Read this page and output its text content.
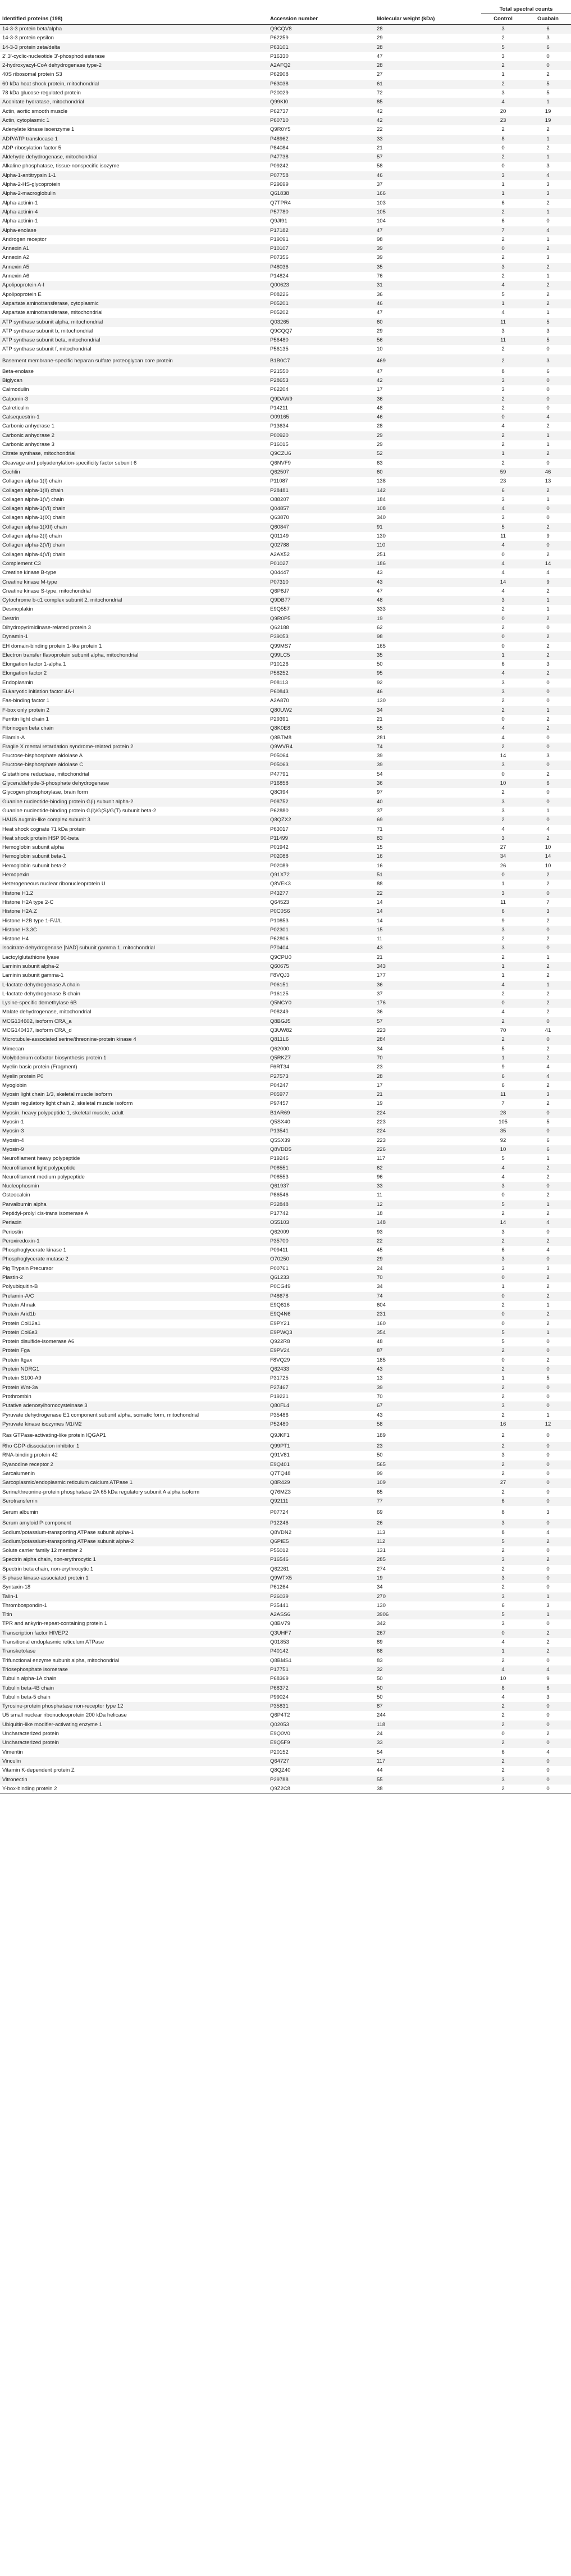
			Total spectral counts	
Identified proteins (198)	Accession number	Molecular weight (kDa)	Control	Ouabain
14-3-3 protein beta/alpha	Q9CQV8	28	3	6
14-3-3 protein epsilon	P62259	29	2	3
14-3-3 protein zeta/delta	P63101	28	5	6
2',3'-cyclic-nucleotide 3'-phosphodiesterase	P16330	47	3	0
2-hydroxyacyl-CoA dehydrogenase type-2	A2AFQ2	28	2	0
40S ribosomal protein S3	P62908	27	1	2
60 kDa heat shock protein, mitochondrial	P63038	61	2	5
78 kDa glucose-regulated protein	P20029	72	3	5
Aconitate hydratase, mitochondrial	Q99KI0	85	4	1
Actin, aortic smooth muscle	P62737	42	20	19
Actin, cytoplasmic 1	P60710	42	23	19
Adenylate kinase isoenzyme 1	Q9R0Y5	22	2	2
ADP/ATP translocase 1	P48962	33	8	1
ADP-ribosylation factor 5	P84084	21	0	2
Aldehyde dehydrogenase, mitochondrial	P47738	57	2	1
Alkaline phosphatase, tissue-nonspecific isozyme	P09242	58	0	3
Alpha-1-antitrypsin 1-1	P07758	46	3	4
Alpha-2-HS-glycoprotein	P29699	37	1	3
Alpha-2-macroglobulin	Q61838	166	1	3
Alpha-actinin-1	Q7TPR4	103	6	2
Alpha-actinin-4	P57780	105	2	1
Alpha-actinin-1	Q9JI91	104	6	0
Alpha-enolase	P17182	47	7	4
Androgen receptor	P19091	98	2	1
Annexin A1	P10107	39	0	2
Annexin A2	P07356	39	2	3
Annexin A5	P48036	35	3	2
Annexin A6	P14824	76	2	1
Apolipoprotein A-I	Q00623	31	4	2
Apolipoprotein E	P08226	36	5	2
Aspartate aminotransferase, cytoplasmic	P05201	46	1	2
Aspartate aminotransferase, mitochondrial	P05202	47	4	1
ATP synthase subunit alpha, mitochondrial	Q03265	60	11	5
ATP synthase subunit b, mitochondrial	Q9CQQ7	29	3	3
ATP synthase subunit beta, mitochondrial	P56480	56	11	5
ATP synthase subunit f, mitochondrial	P56135	10	2	0
Basement membrane-specific heparan sulfate proteoglycan core protein	B1B0C7	469	2	3
Beta-enolase	P21550	47	8	6
Biglycan	P28653	42	3	0
Calmodulin	P62204	17	3	0
Calponin-3	Q9DAW9	36	2	0
Calreticulin	P14211	48	2	0
Calsequestrin-1	O09165	46	0	4
Carbonic anhydrase 1	P13634	28	4	2
Carbonic anhydrase 2	P00920	29	2	1
Carbonic anhydrase 3	P16015	29	2	1
Citrate synthase, mitochondrial	Q9CZU6	52	1	2
Cleavage and polyadenylation-specificity factor subunit 6	Q6NVF9	63	2	0
Cochlin	Q62507	60	59	46
Collagen alpha-1(I) chain	P11087	138	23	13
Collagen alpha-1(II) chain	P28481	142	6	2
Collagen alpha-1(V) chain	O88207	184	3	1
Collagen alpha-1(VI) chain	Q04857	108	4	0
Collagen alpha-1(IX) chain	Q63870	340	3	0
Collagen alpha-1(XII) chain	Q60847	91	5	2
Collagen alpha-2(I) chain	Q01149	130	11	9
Collagen alpha-2(VI) chain	Q02788	110	4	0
Collagen alpha-4(VI) chain	A2AX52	251	0	2
Complement C3	P01027	186	4	14
Creatine kinase B-type	Q04447	43	4	4
Creatine kinase M-type	P07310	43	14	9
Creatine kinase S-type, mitochondrial	Q6P8J7	47	4	2
Cytochrome b-c1 complex subunit 2, mitochondrial	Q9DB77	48	3	1
Desmoplakin	E9Q557	333	2	1
Destrin	Q9R0P5	19	0	2
Dihydropyrimidinase-related protein 3	Q62188	62	2	0
Dynamin-1	P39053	98	0	2
EH domain-binding protein 1-like protein 1	Q99MS7	165	0	2
Electron transfer flavoprotein subunit alpha, mitochondrial	Q99LC5	35	1	2
Elongation factor 1-alpha 1	P10126	50	6	3
Elongation factor 2	P58252	95	4	2
Endoplasmin	P08113	92	3	0
Eukaryotic initiation factor 4A-I	P60843	46	3	0
Fas-binding factor 1	A2A870	130	2	0
F-box only protein 2	Q80UW2	34	2	1
Ferritin light chain 1	P29391	21	0	2
Fibrinogen beta chain	Q8K0E8	55	4	2
Filamin-A	Q8BTM8	281	4	0
Fragile X mental retardation syndrome-related protein 2	Q9WVR4	74	2	0
Fructose-bisphosphate aldolase A	P05064	39	14	3
Fructose-bisphosphate aldolase C	P05063	39	3	0
Glutathione reductase, mitochondrial	P47791	54	0	2
Glyceraldehyde-3-phosphate dehydrogenase	P16858	36	10	6
Glycogen phosphorylase, brain form	Q8CI94	97	2	0
Guanine nucleotide-binding protein G(i) subunit alpha-2	P08752	40	3	0
Guanine nucleotide-binding protein G(I)/G(S)/G(T) subunit beta-2	P62880	37	3	1
HAUS augmin-like complex subunit 3	Q8QZX2	69	2	0
Heat shock cognate 71 kDa protein	P63017	71	4	4
Heat shock protein HSP 90-beta	P11499	83	3	2
Hemoglobin subunit alpha	P01942	15	27	10
Hemoglobin subunit beta-1	P02088	16	34	14
Hemoglobin subunit beta-2	P02089	16	26	10
Hemopexin	Q91X72	51	0	2
Heterogeneous nuclear ribonucleoprotein U	Q8VEK3	88	1	2
Histone H1.2	P43277	22	3	0
Histone H2A type 2-C	Q64523	14	11	7
Histone H2A.Z	P0C0S6	14	6	3
Histone H2B type 1-F/J/L	P10853	14	9	2
Histone H3.3C	P02301	15	3	0
Histone H4	P62806	11	2	2
Isocitrate dehydrogenase [NAD] subunit gamma 1, mitochondrial	P70404	43	3	0
Lactoylglutathione lyase	Q9CPU0	21	2	1
Laminin subunit alpha-2	Q60675	343	1	2
Laminin subunit gamma-1	F8VQJ3	177	1	2
L-lactate dehydrogenase A chain	P06151	36	4	1
L-lactate dehydrogenase B chain	P16125	37	2	2
Lysine-specific demethylase 6B	Q5NCY0	176	0	2
Malate dehydrogenase, mitochondrial	P08249	36	4	2
MCG134602, isoform CRA_a	Q8BGJ5	57	2	0
MCG140437, isoform CRA_d	Q3UW82	223	70	41
Microtubule-associated serine/threonine-protein kinase 4	Q811L6	284	2	0
Mimecan	Q62000	34	5	2
Molybdenum cofactor biosynthesis protein 1	Q5RKZ7	70	1	2
Myelin basic protein (Fragment)	F6RT34	23	9	4
Myelin protein P0	P27573	28	6	4
Myoglobin	P04247	17	6	2
Myosin light chain 1/3, skeletal muscle isoform	P05977	21	11	3
Myosin regulatory light chain 2, skeletal muscle isoform	P97457	19	7	2
Myosin, heavy polypeptide 1, skeletal muscle, adult	B1AR69	224	28	0
Myosin-1	Q5SX40	223	105	5
Myosin-3	P13541	224	35	0
Myosin-4	Q5SX39	223	92	6
Myosin-9	Q8VDD5	226	10	6
Neurofilament heavy polypeptide	P19246	117	5	1
Neurofilament light polypeptide	P08551	62	4	2
Neurofilament medium polypeptide	P08553	96	4	2
Nucleophosmin	Q61937	33	3	0
Osteocalcin	P86546	11	0	2
Parvalbumin alpha	P32848	12	5	1
Peptidyl-prolyl cis-trans isomerase A	P17742	18	2	2
Periaxin	O55103	148	14	4
Periostin	Q62009	93	3	0
Peroxiredoxin-1	P35700	22	2	2
Phosphoglycerate kinase 1	P09411	45	6	4
Phosphoglycerate mutase 2	O70250	29	3	0
Pig Trypsin Precursor	P00761	24	3	3
Plastin-2	Q61233	70	0	2
Polyubiquitin-B	P0CG49	34	1	2
Prelamin-A/C	P48678	74	0	2
Protein Ahnak	E9Q616	604	2	1
Protein Arid1b	E9Q4N6	231	0	2
Protein Col12a1	E9PY21	160	0	2
Protein Col6a3	E9PWQ3	354	5	1
Protein disulfide-isomerase A6	Q922R8	48	5	0
Protein Fga	E9PV24	87	2	0
Protein Itgax	F8VQ29	185	0	2
Protein NDRG1	Q62433	43	2	0
Protein S100-A9	P31725	13	1	5
Protein Wnt-3a	P27467	39	2	0
Prothrombin	P19221	70	2	0
Putative adenosylhomocysteinase 3	Q80FL4	67	3	0
Pyruvate dehydrogenase E1 component subunit alpha, somatic form, mitochondrial	P35486	43	2	1
Pyruvate kinase isozymes M1/M2	P52480	58	16	12
Ras GTPase-activating-like protein IQGAP1	Q9JKF1	189	2	0
Rho GDP-dissociation inhibitor 1	Q99PT1	23	2	0
RNA-binding protein 42	Q91V81	50	3	0
Ryanodine receptor 2	E9Q401	565	2	0
Sarcalumenin	Q7TQ48	99	2	0
Sarcoplasmic/endoplasmic reticulum calcium ATPase 1	Q8R429	109	27	0
Serine/threonine-protein phosphatase 2A 65 kDa regulatory subunit A alpha isoform	Q76MZ3	65	2	0
Serotransferrin	Q92111	77	6	0
Serum albumin	P07724	69	8	3
Serum amyloid P-component	P12246	26	3	0
Sodium/potassium-transporting ATPase subunit alpha-1	Q8VDN2	113	8	4
Sodium/potassium-transporting ATPase subunit alpha-2	Q6PIE5	112	5	2
Solute carrier family 12 member 2	P55012	131	2	0
Spectrin alpha chain, non-erythrocytic 1	P16546	285	3	2
Spectrin beta chain, non-erythrocytic 1	Q62261	274	2	0
S-phase kinase-associated protein 1	Q9WTX5	19	3	0
Syntaxin-18	P61264	34	2	0
Talin-1	P26039	270	3	1
Thrombospondin-1	P35441	130	6	3
Titin	A2ASS6	3906	5	1
TPR and ankyrin-repeat-containing protein 1	Q8BV79	342	3	0
Transcription factor HIVEP2	Q3UHF7	267	0	2
Transitional endoplasmic reticulum ATPase	Q01853	89	4	2
Transketolase	P40142	68	1	2
Trifunctional enzyme subunit alpha, mitochondrial	Q8BMS1	83	2	0
Triosephosphate isomerase	P17751	32	4	4
Tubulin alpha-1A chain	P68369	50	10	9
Tubulin beta-4B chain	P68372	50	8	6
Tubulin beta-5 chain	P99024	50	4	3
Tyrosine-protein phosphatase non-receptor type 12	P35831	87	2	0
U5 small nuclear ribonucleoprotein 200 kDa helicase	Q6P4T2	244	2	0
Ubiquitin-like modifier-activating enzyme 1	Q02053	118	2	0
Uncharacterized protein	E9Q0V0	24	0	2
Uncharacterized protein	E9Q5F9	33	2	0
Vimentin	P20152	54	6	4
Vinculin	Q64727	117	2	0
Vitamin K-dependent protein Z	Q8QZ40	44	2	0
Vitronectin	P29788	55	3	0
Y-box-binding protein 2	Q9Z2C8	38	2	0
